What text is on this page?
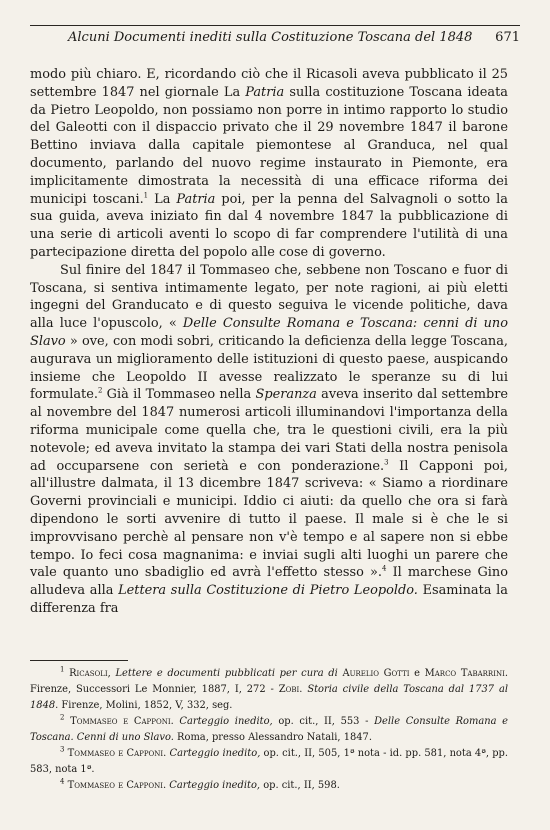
Alcuni Documenti inediti sulla Costituzione Toscana del 1848 671

modo più chiaro. E, ricordando ciò che il Ricasoli aveva pubblicato il 25 settembre 1847 nel giornale La Patria sulla costituzione Toscana ideata da Pietro Leopoldo, non possiamo non porre in intimo rapporto lo studio del Galeotti con il dispaccio privato che il 29 novembre 1847 il barone Bettino inviava dalla capitale piemontese al Granduca, nel qual documento, parlando del nuovo regime instaurato in Piemonte, era implicitamente dimostrata la necessità di una efficace riforma dei municipi toscani.$^1$ La Patria poi, per la penna del Salvagnoli o sotto la sua guida, aveva iniziato fin dal 4 novembre 1847 la pubblicazione di una serie di articoli aventi lo scopo di far comprendere l'utilità di una partecipazione diretta del popolo alle cose di governo.

Sul finire del 1847 il Tommaseo che, sebbene non Toscano e fuor di Toscana, si sentiva intimamente legato, per note ragioni, ai più eletti ingegni del Granducato e di questo seguiva le vicende politiche, dava alla luce l'opuscolo, « Delle Consulte Romana e Toscana: cenni di uno Slavo » ove, con modi sobri, criticando la deficienza della legge Toscana, augurava un miglioramento delle istituzioni di questo paese, auspicando insieme che Leopoldo II avesse realizzato le speranze su di lui formulate.$^2$ Già il Tommaseo nella Speranza aveva inserito dal settembre al novembre del 1847 numerosi articoli illuminandovi l'importanza della riforma municipale come quella che, tra le questioni civili, era la più notevole; ed aveva invitato la stampa dei vari Stati della nostra penisola ad occuparsene con serietà e con ponderazione.$^3$ Il Capponi poi, all'illustre dalmata, il 13 dicembre 1847 scriveva: « Siamo a riordinare Governi provinciali e municipi. Iddio ci aiuti: da quello che ora si farà dipendono le sorti avvenire di tutto il paese. Il male si è che le si improvvisano perchè al pensare non v'è tempo e al sapere non si ebbe tempo. Io feci cosa magnanima: e inviai sugli alti luoghi un parere che vale quanto uno sbadiglio ed avrà l'effetto stesso ».$^4$ Il marchese Gino alludeva alla Lettera sulla Costituzione di Pietro Leopoldo. Esaminata la differenza fra

$^1$ Ricasoli, Lettere e documenti pubblicati per cura di Aurelio Gotti e Marco Tabarrini. Firenze, Successori Le Monnier, 1887, I, 272 - Zobi. Storia civile della Toscana dal 1737 al 1848. Firenze, Molini, 1852, V, 332, seg.

$^2$ Tommaseo e Capponi. Carteggio inedito, op. cit., II, 553 - Delle Consulte Romana e Toscana. Cenni di uno Slavo. Roma, presso Alessandro Natali, 1847.

$^3$ Tommaseo e Capponi. Carteggio inedito, op. cit., II, 505, 1ª nota - id. pp. 581, nota 4ª, pp. 583, nota 1ª.

$^4$ Tommaseo e Capponi. Carteggio inedito, op. cit., II, 598.
